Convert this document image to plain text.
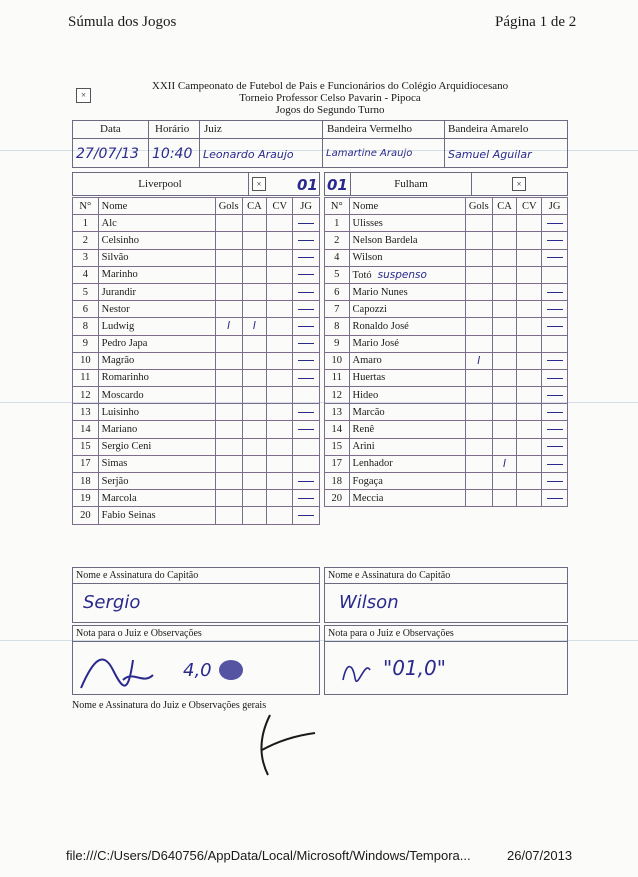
Súmula dos Jogos	Página 1 de 2
×
XXII Campeonato de Futebol de Pais e Funcionários do Colégio Arquidiocesano
Torneio Professor Celso Pavarin - Pipoca
Jogos do Segundo Turno
Data	Horário Juiz	Bandeira Vermelho	Bandeira Amarelo
27/07/13 10:40 Leonardo Araujo	Lamartine Araujo	Samuel Aguilar
Liverpool	× 01 01	Fulham	×
N°	Nome	Gols	CA	CV	JG
1	Alc				
2	Celsinho				
3	Silvão				
4	Marinho				
5	Jurandir				
6	Nestor				
8	Ludwig	I	I		
9	Pedro Japa				
10	Magrão				
11	Romarinho				
12	Moscardo				
13	Luisinho				
14	Mariano				
15	Sergio Ceni				
17	Simas				
18	Serjão				
19	Marcola				
20	Fabio Seinas				
N°	Nome	Gols	CA	CV	JG
1	Ulisses				
2	Nelson Bardela				
4	Wilson				
5	Totó suspenso				
6	Mario Nunes				
7	Capozzi				
8	Ronaldo José				
9	Mario José				
10	Amaro	I			
11	Huertas				
12	Hideo				
13	Marcão				
14	Renê				
15	Arini				
17	Lenhador		I		
18	Fogaça				
20	Meccia				
Nome e Assinatura do Capitão
Sergio
Nome e Assinatura do Capitão
Wilson
Nota para o Juiz e Observações
4,0
Nota para o Juiz e Observações
"01,0"
Nome e Assinatura do Juiz e Observações gerais
file:///C:/Users/D640756/AppData/Local/Microsoft/Windows/Tempora...	26/07/2013
